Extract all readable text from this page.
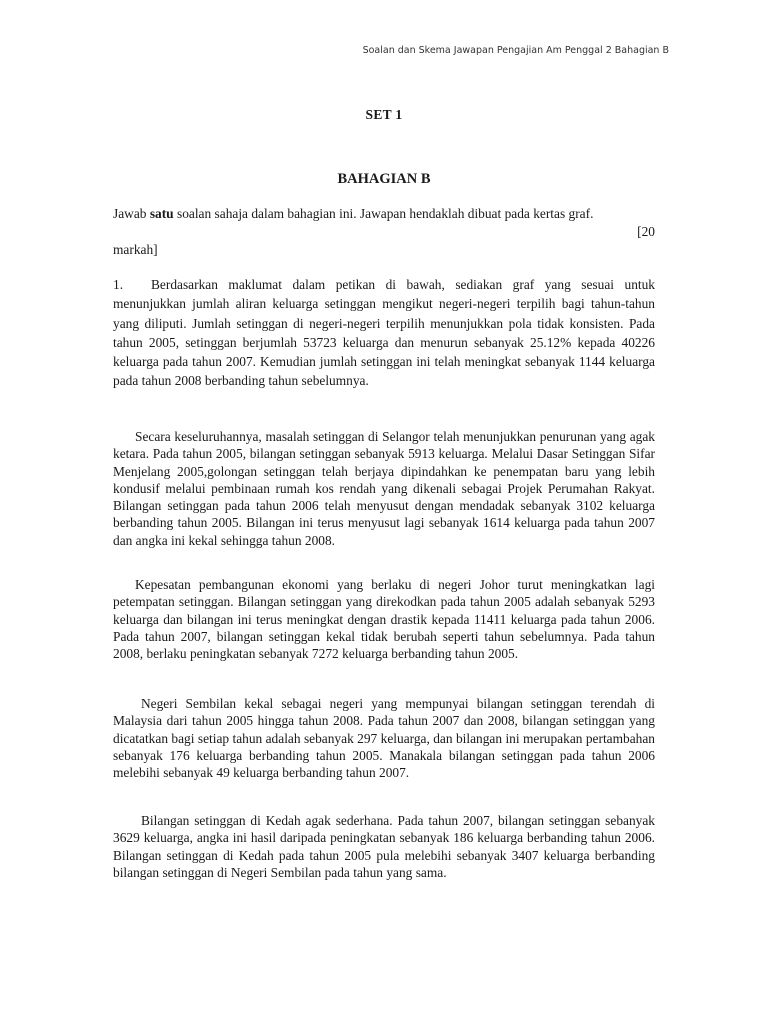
Soalan dan Skema Jawapan Pengajian Am Penggal 2 Bahagian B
SET 1
BAHAGIAN B

Jawab satu soalan sahaja dalam bahagian ini. Jawapan hendaklah dibuat pada kertas graf.

[20

markah]

1. Berdasarkan maklumat dalam petikan di bawah, sediakan graf yang sesuai untuk menunjukkan jumlah aliran keluarga setinggan mengikut negeri-negeri terpilih bagi tahun-tahun yang diliputi. Jumlah setinggan di negeri-negeri terpilih menunjukkan pola tidak konsisten. Pada tahun 2005, setinggan berjumlah 53723 keluarga dan menurun sebanyak 25.12% kepada 40226 keluarga pada tahun 2007. Kemudian jumlah setinggan ini telah meningkat sebanyak 1144 keluarga pada tahun 2008 berbanding tahun sebelumnya.

Secara keseluruhannya, masalah setinggan di Selangor telah menunjukkan penurunan yang agak ketara. Pada tahun 2005, bilangan setinggan sebanyak 5913 keluarga. Melalui Dasar Setinggan Sifar Menjelang 2005,golongan setinggan telah berjaya dipindahkan ke penempatan baru yang lebih kondusif melalui pembinaan rumah kos rendah yang dikenali sebagai Projek Perumahan Rakyat. Bilangan setinggan pada tahun 2006 telah menyusut dengan mendadak sebanyak 3102 keluarga berbanding tahun 2005. Bilangan ini terus menyusut lagi sebanyak 1614 keluarga pada tahun 2007 dan angka ini kekal sehingga tahun 2008.

Kepesatan pembangunan ekonomi yang berlaku di negeri Johor turut meningkatkan lagi petempatan setinggan. Bilangan setinggan yang direkodkan pada tahun 2005 adalah sebanyak 5293 keluarga dan bilangan ini terus meningkat dengan drastik kepada 11411 keluarga pada tahun 2006. Pada tahun 2007, bilangan setinggan kekal tidak berubah seperti tahun sebelumnya. Pada tahun 2008, berlaku peningkatan sebanyak 7272 keluarga berbanding tahun 2005.

Negeri Sembilan kekal sebagai negeri yang mempunyai bilangan setinggan terendah di Malaysia dari tahun 2005 hingga tahun 2008. Pada tahun 2007 dan 2008, bilangan setinggan yang dicatatkan bagi setiap tahun adalah sebanyak 297 keluarga, dan bilangan ini merupakan pertambahan sebanyak 176 keluarga berbanding tahun 2005. Manakala bilangan setinggan pada tahun 2006 melebihi sebanyak 49 keluarga berbanding tahun 2007.

Bilangan setinggan di Kedah agak sederhana. Pada tahun 2007, bilangan setinggan sebanyak 3629 keluarga, angka ini hasil daripada peningkatan sebanyak 186 keluarga berbanding tahun 2006. Bilangan setinggan di Kedah pada tahun 2005 pula melebihi sebanyak 3407 keluarga berbanding bilangan setinggan di Negeri Sembilan pada tahun yang sama.
